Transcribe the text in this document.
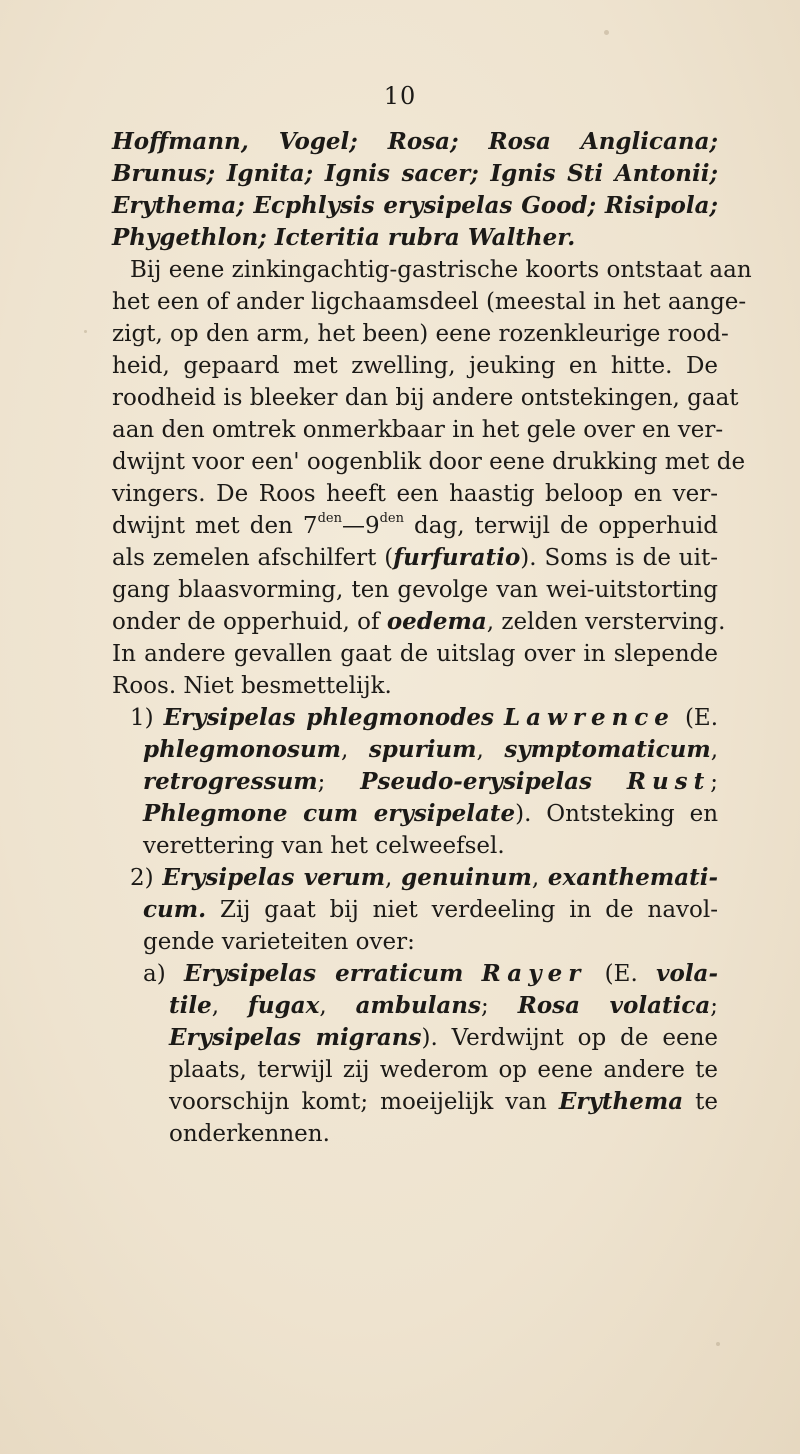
10
Hoffmann, Vogel; Rosa; Rosa Anglicana;
Brunus; Ignita; Ignis sacer; Ignis Sti Antonii;
Erythema; Ecphlysis erysipelas Good; Risipola;
Phygethlon; Icteritia rubra Walther.
Bij eene zinkingachtig-gastrische koorts ontstaat aan
het een of ander ligchaamsdeel (meestal in het aange-
zigt, op den arm, het been) eene rozenkleurige rood-
heid, gepaard met zwelling, jeuking en hitte. De
roodheid is bleeker dan bij andere ontstekingen, gaat
aan den omtrek onmerkbaar in het gele over en ver-
dwijnt voor een' oogenblik door eene drukking met de
vingers. De Roos heeft een haastig beloop en ver-
dwijnt met den $7^{den}—9^{den}$ dag, terwijl de opperhuid
als zemelen afschilfert (furfuratio). Soms is de uit-
gang blaasvorming, ten gevolge van wei-uitstorting
onder de opperhuid, of oedema, zelden versterving.
In andere gevallen gaat de uitslag over in slepende
Roos. Niet besmettelijk.
1) Erysipelas phlegmonodes Lawrence (E.
phlegmonosum, spurium, symptomaticum,
retrogressum; Pseudo-erysipelas Rust;
Phlegmone cum erysipelate). Ontsteking en
verettering van het celweefsel.
2) Erysipelas verum, genuinum, exanthemati-
cum. Zij gaat bij niet verdeeling in de navol-
gende varieteiten over:
a) Erysipelas erraticum Rayer (E. vola-
tile, fugax, ambulans; Rosa volatica;
Erysipelas migrans). Verdwijnt op de eene
plaats, terwijl zij wederom op eene andere te
voorschijn komt; moeijelijk van Erythema te
onderkennen.
